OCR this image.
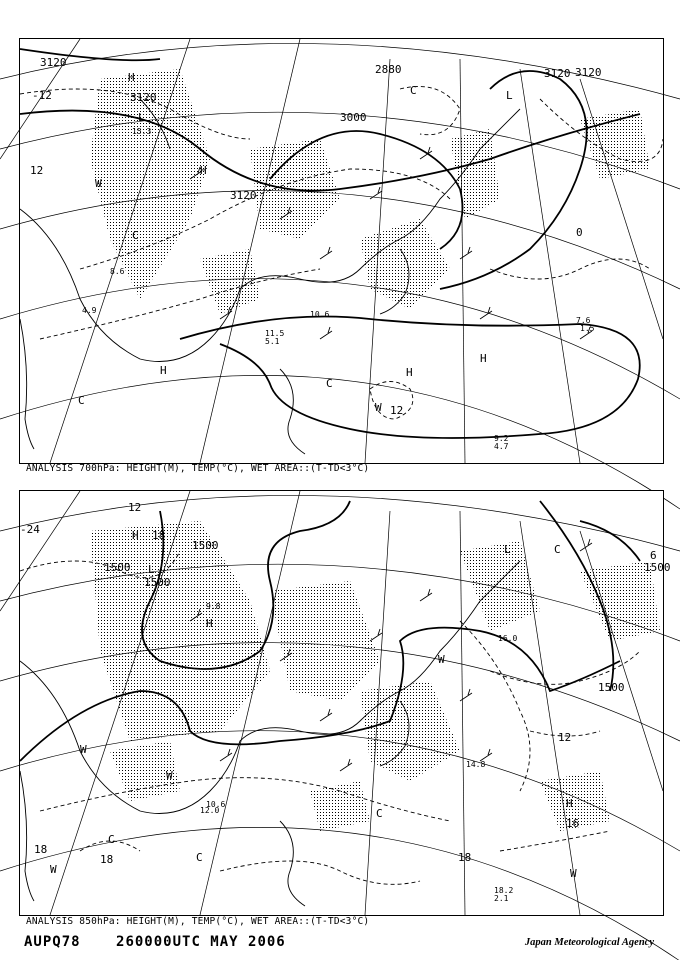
3120
3120
3120
2880
3000
3120 3120
H
L
H
C	L
H	H
H
W
C
C
C
W
-12
12
0
12
15.3
8.6
11.5
5.1
4.9	10.6
7.6
1.5
9.2
4.7
ANALYSIS 700hPa: HEIGHT(M), TEMP(°C), WET AREA::(T-TD<3°C)
1500
1500
1500
1500
1500
H
L
L
H
W
C
C
H
W
W
W
C
C
W
12
18
-24
6
12
18
18	18
16
16.0
9.8
12.0
14.8
10.6
18.2
2.1
ANALYSIS 850hPa: HEIGHT(M), TEMP(°C), WET AREA::(T-TD<3°C)
AUPQ78	260000UTC MAY 2006	Japan Meteorological Agency
